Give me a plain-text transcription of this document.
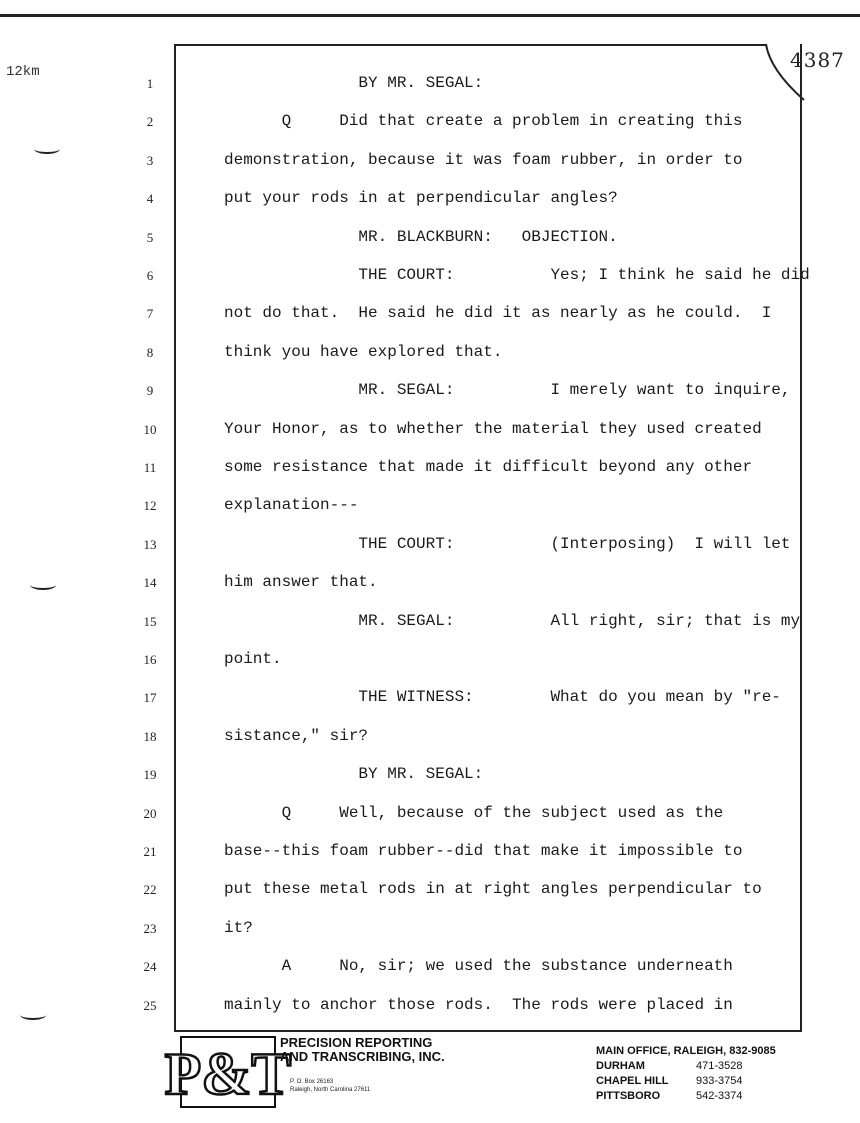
12km	4387
1	BY MR. SEGAL:
2	Q     Did that create a problem in creating this
3	demonstration, because it was foam rubber, in order to
4	put your rods in at perpendicular angles?
5	MR. BLACKBURN:   OBJECTION.
6	THE COURT:          Yes; I think he said he did
7	not do that.  He said he did it as nearly as he could.  I
8	think you have explored that.
9	MR. SEGAL:          I merely want to inquire,
10	Your Honor, as to whether the material they used created
11	some resistance that made it difficult beyond any other
12	explanation---
13	THE COURT:          (Interposing)  I will let
14	him answer that.
15	MR. SEGAL:          All right, sir; that is my
16	point.
17	THE WITNESS:        What do you mean by "re-
18	sistance," sir?
19	BY MR. SEGAL:
20	Q     Well, because of the subject used as the
21	base--this foam rubber--did that make it impossible to
22	put these metal rods in at right angles perpendicular to
23	it?
24	A     No, sir; we used the substance underneath
25	mainly to anchor those rods.  The rods were placed in
P&T
PRECISION REPORTING
AND TRANSCRIBING, INC.
P. O. Box 26163
Raleigh, North Carolina 27611
MAIN OFFICE, RALEIGH, 832-9085
DURHAM	471-3528
CHAPEL HILL	933-3754
PITTSBORO	542-3374
